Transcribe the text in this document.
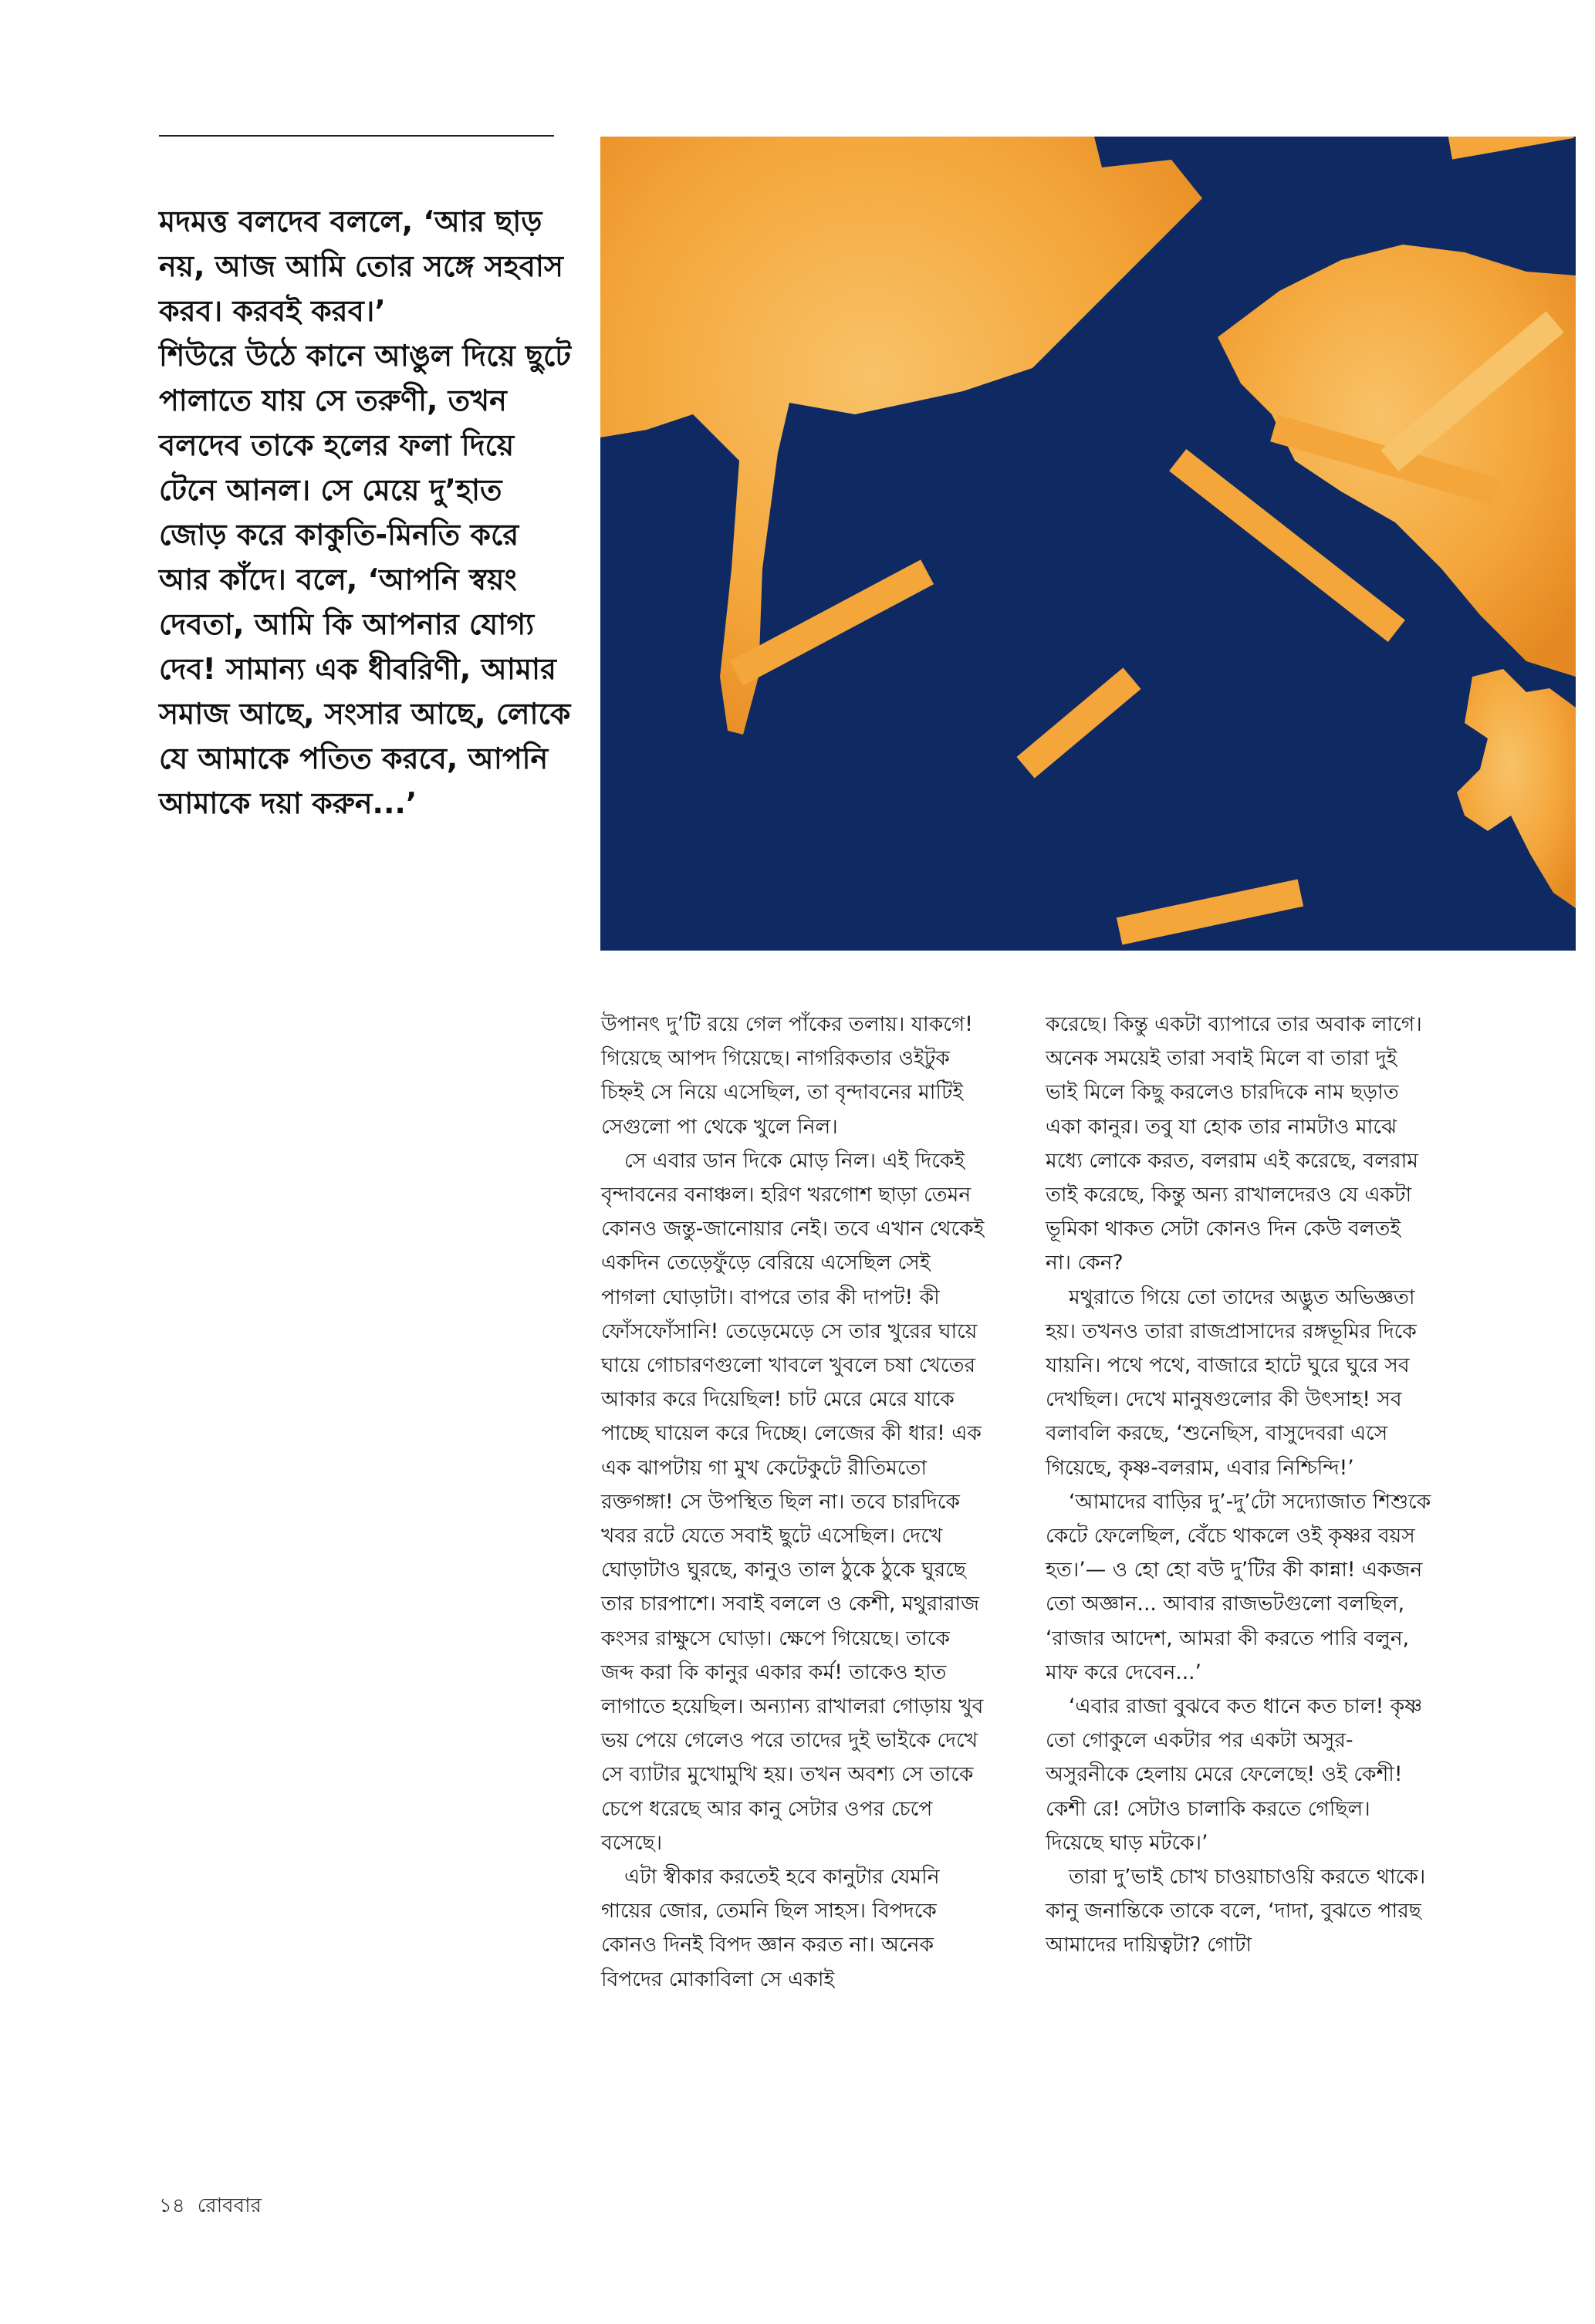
মদমত্ত বলদেব বললে, ‘আর ছাড় নয়, আজ আমি তোর সঙ্গে সহবাস করব। করবই করব।’

শিউরে উঠে কানে আঙুল দিয়ে ছুটে পালাতে যায় সে তরুণী, তখন বলদেব তাকে হলের ফলা দিয়ে টেনে আনল। সে মেয়ে দু’হাত জোড় করে কাকুতি-মিনতি করে আর কাঁদে। বলে, ‘আপনি স্বয়ং দেবতা, আমি কি আপনার যোগ্য দেব! সামান্য এক ধীবরিণী, আমার সমাজ আছে, সংসার আছে, লোকে যে আমাকে পতিত করবে, আপনি আমাকে দয়া করুন...’

উপানৎ দু’টি রয়ে গেল পাঁকের তলায়। যাকগে! গিয়েছে আপদ গিয়েছে। নাগরিকতার ওইটুক চিহ্নই সে নিয়ে এসেছিল, তা বৃন্দাবনের মাটিই সেগুলো পা থেকে খুলে নিল।

সে এবার ডান দিকে মোড় নিল। এই দিকেই বৃন্দাবনের বনাঞ্চল। হরিণ খরগোশ ছাড়া তেমন কোনও জন্তু-জানোয়ার নেই। তবে এখান থেকেই একদিন তেড়েফুঁড়ে বেরিয়ে এসেছিল সেই পাগলা ঘোড়াটা। বাপরে তার কী দাপট! কী ফোঁসফোঁসানি! তেড়েমেড়ে সে তার খুরের ঘায়ে ঘায়ে গোচারণগুলো খাবলে খুবলে চষা খেতের আকার করে দিয়েছিল! চাট মেরে মেরে যাকে পাচ্ছে ঘায়েল করে দিচ্ছে। লেজের কী ধার! এক এক ঝাপটায় গা মুখ কেটেকুটে রীতিমতো রক্তগঙ্গা! সে উপস্থিত ছিল না। তবে চারদিকে খবর রটে যেতে সবাই ছুটে এসেছিল। দেখে ঘোড়াটাও ঘুরছে, কানুও তাল ঠুকে ঠুকে ঘুরছে তার চারপাশে। সবাই বললে ও কেশী, মথুরারাজ কংসর রাক্ষুসে ঘোড়া। ক্ষেপে গিয়েছে। তাকে জব্দ করা কি কানুর একার কর্ম! তাকেও হাত লাগাতে হয়েছিল। অন্যান্য রাখালরা গোড়ায় খুব ভয় পেয়ে গেলেও পরে তাদের দুই ভাইকে দেখে সে ব্যাটার মুখোমুখি হয়। তখন অবশ্য সে তাকে চেপে ধরেছে আর কানু সেটার ওপর চেপে বসেছে।

এটা স্বীকার করতেই হবে কানুটার যেমনি গায়ের জোর, তেমনি ছিল সাহস। বিপদকে কোনও দিনই বিপদ জ্ঞান করত না। অনেক বিপদের মোকাবিলা সে একাই

করেছে। কিন্তু একটা ব্যাপারে তার অবাক লাগে। অনেক সময়েই তারা সবাই মিলে বা তারা দুই ভাই মিলে কিছু করলেও চারদিকে নাম ছড়াত একা কানুর। তবু যা হোক তার নামটাও মাঝে মধ্যে লোকে করত, বলরাম এই করেছে, বলরাম তাই করেছে, কিন্তু অন্য রাখালদেরও যে একটা ভূমিকা থাকত সেটা কোনও দিন কেউ বলতই না। কেন?

মথুরাতে গিয়ে তো তাদের অদ্ভুত অভিজ্ঞতা হয়। তখনও তারা রাজপ্রাসাদের রঙ্গভূমির দিকে যায়নি। পথে পথে, বাজারে হাটে ঘুরে ঘুরে সব দেখছিল। দেখে মানুষগুলোর কী উৎসাহ! সব বলাবলি করছে, ‘শুনেছিস, বাসুদেবরা এসে গিয়েছে, কৃষ্ণ-বলরাম, এবার নিশ্চিন্দি!’

‘আমাদের বাড়ির দু’-দু’টো সদ্যোজাত শিশুকে কেটে ফেলেছিল, বেঁচে থাকলে ওই কৃষ্ণর বয়স হত।’— ও হো হো বউ দু’টির কী কান্না! একজন তো অজ্ঞান... আবার রাজভটগুলো বলছিল, ‘রাজার আদেশ, আমরা কী করতে পারি বলুন, মাফ করে দেবেন...’

‘এবার রাজা বুঝবে কত ধানে কত চাল! কৃষ্ণ তো গোকুলে একটার পর একটা অসুর-অসুরনীকে হেলায় মেরে ফেলেছে! ওই কেশী! কেশী রে! সেটাও চালাকি করতে গেছিল। দিয়েছে ঘাড় মটকে।’

তারা দু’ভাই চোখ চাওয়াচাওয়ি করতে থাকে। কানু জনান্তিকে তাকে বলে, ‘দাদা, বুঝতে পারছ আমাদের দায়িত্বটা? গোটা

১৪ রোববার
